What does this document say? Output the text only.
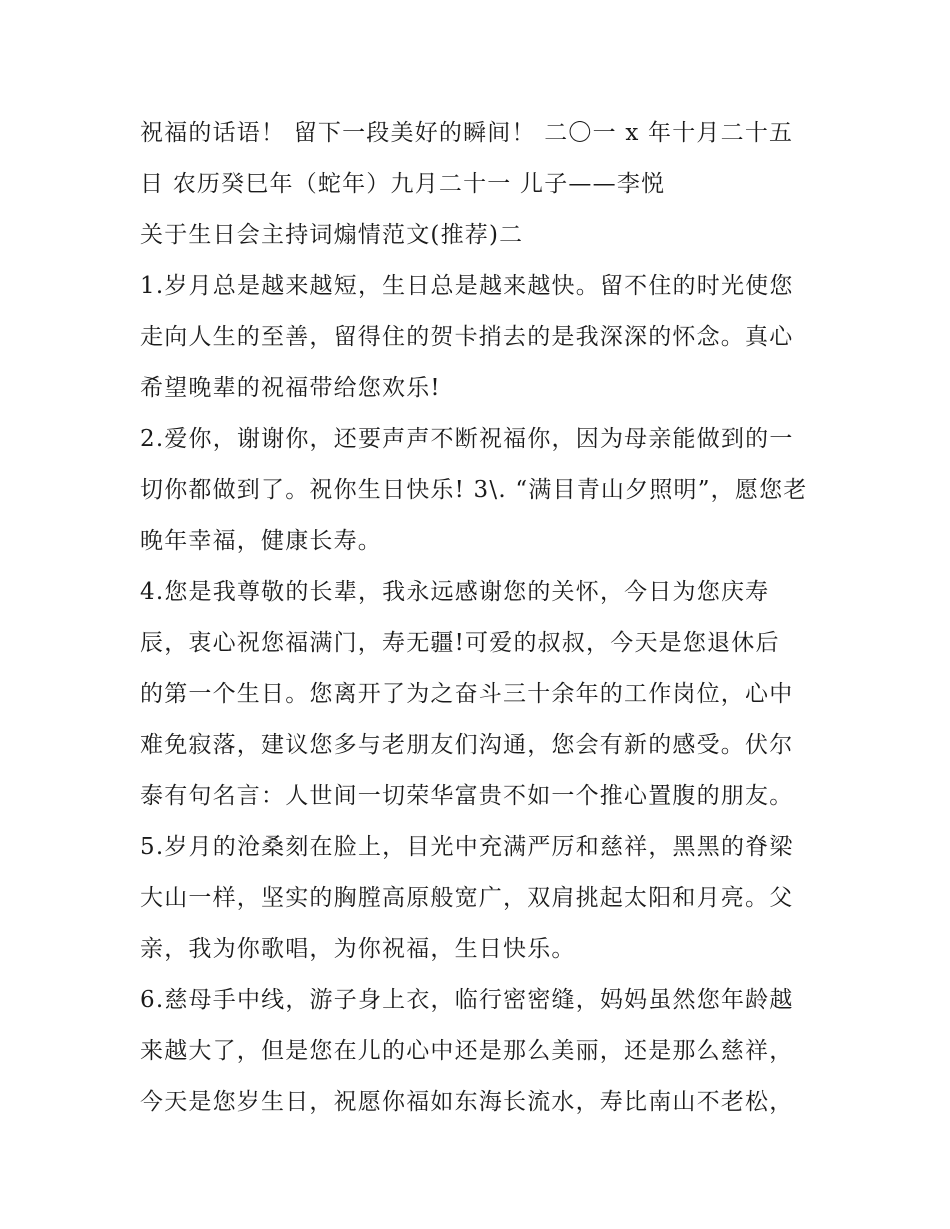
祝福的话语！ 留下一段美好的瞬间！ 二〇一 x 年十月二十五
日 农历癸巳年（蛇年）九月二十一 儿子——李悦
关于生日会主持词煽情范文(推荐)二
1.岁月总是越来越短，生日总是越来越快。留不住的时光使您
走向人生的至善，留得住的贺卡捎去的是我深深的怀念。真心
希望晚辈的祝福带给您欢乐!
2.爱你，谢谢你，还要声声不断祝福你，因为母亲能做到的一
切你都做到了。祝你生日快乐! 3\. “满目青山夕照明”，愿您老
晚年幸福，健康长寿。
4.您是我尊敬的长辈，我永远感谢您的关怀，今日为您庆寿
辰，衷心祝您福满门，寿无疆!可爱的叔叔，今天是您退休后
的第一个生日。您离开了为之奋斗三十余年的工作岗位，心中
难免寂落，建议您多与老朋友们沟通，您会有新的感受。伏尔
泰有句名言：人世间一切荣华富贵不如一个推心置腹的朋友。
5.岁月的沧桑刻在脸上，目光中充满严厉和慈祥，黑黑的脊梁
大山一样，坚实的胸膛高原般宽广，双肩挑起太阳和月亮。父
亲，我为你歌唱，为你祝福，生日快乐。
6.慈母手中线，游子身上衣，临行密密缝，妈妈虽然您年龄越
来越大了，但是您在儿的心中还是那么美丽，还是那么慈祥，
今天是您岁生日，祝愿你福如东海长流水，寿比南山不老松，
